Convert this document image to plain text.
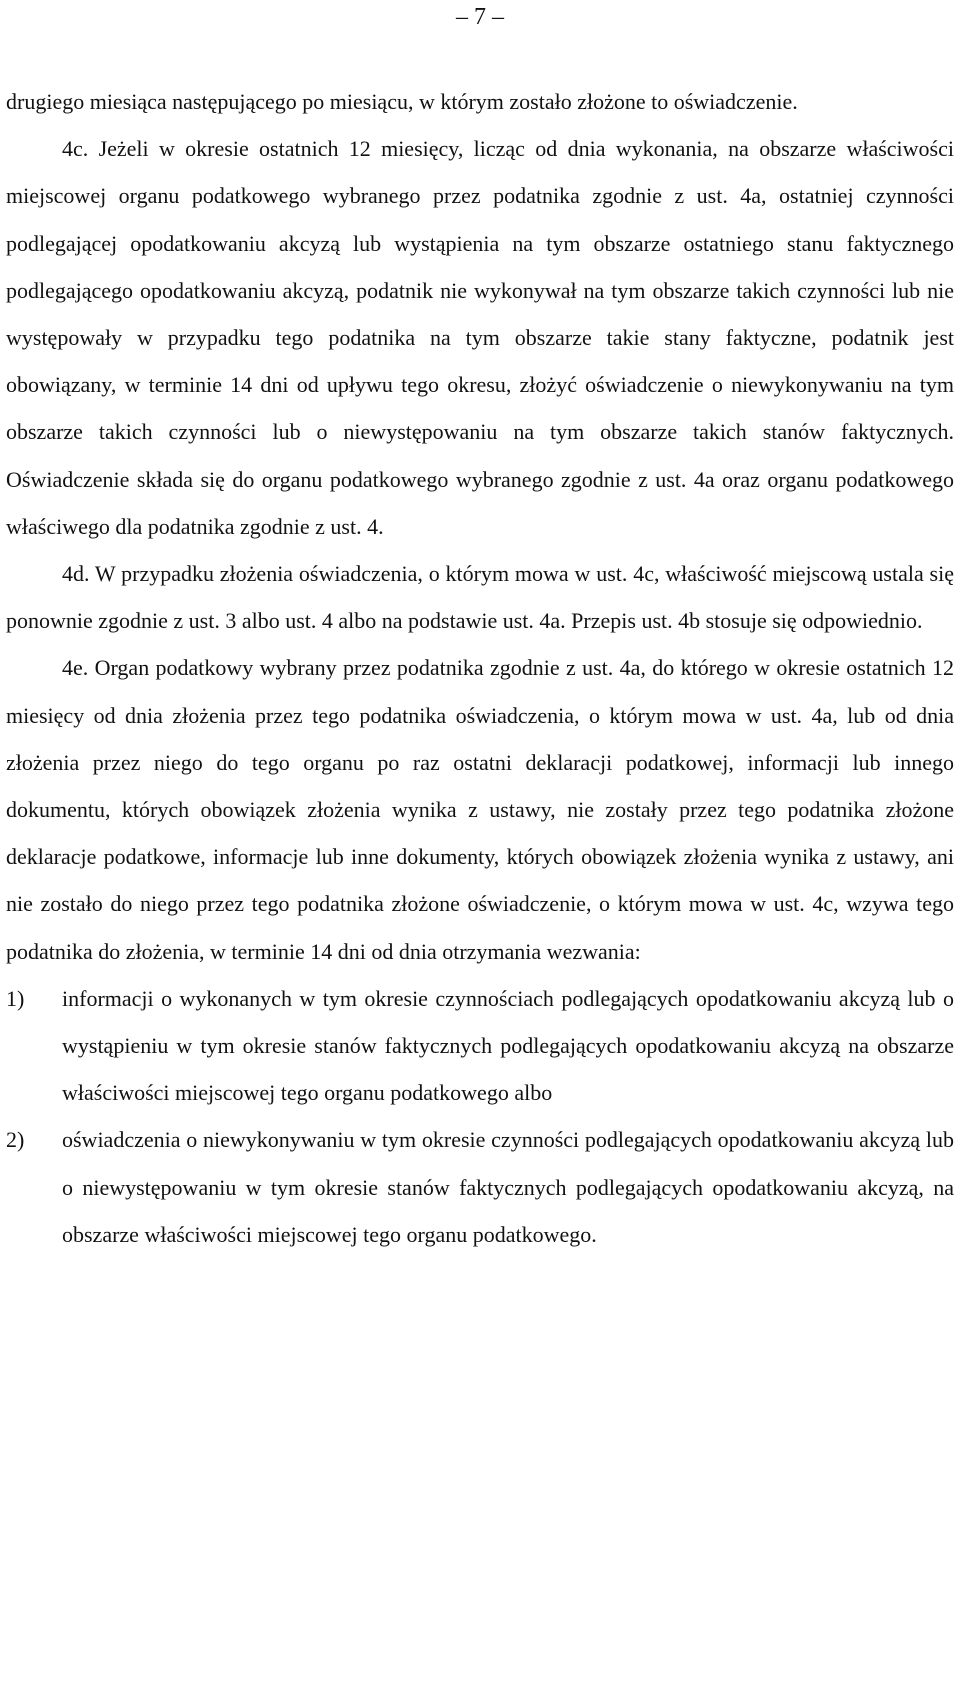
– 7 –

drugiego miesiąca następującego po miesiącu, w którym zostało złożone to oświadczenie.

4c. Jeżeli w okresie ostatnich 12 miesięcy, licząc od dnia wykonania, na obszarze właściwości miejscowej organu podatkowego wybranego przez podatnika zgodnie z ust. 4a, ostatniej czynności podlegającej opodatkowaniu akcyzą lub wystąpienia na tym obszarze ostatniego stanu faktycznego podlegającego opodatkowaniu akcyzą, podatnik nie wykonywał na tym obszarze takich czynności lub nie występowały w przypadku tego podatnika na tym obszarze takie stany faktyczne, podatnik jest obowiązany, w terminie 14 dni od upływu tego okresu, złożyć oświadczenie o niewykonywaniu na tym obszarze takich czynności lub o niewystępowaniu na tym obszarze takich stanów faktycznych. Oświadczenie składa się do organu podatkowego wybranego zgodnie z ust. 4a oraz organu podatkowego właściwego dla podatnika zgodnie z ust. 4.

4d. W przypadku złożenia oświadczenia, o którym mowa w ust. 4c, właściwość miejscową ustala się ponownie zgodnie z ust. 3 albo ust. 4 albo na podstawie ust. 4a. Przepis ust. 4b stosuje się odpowiednio.

4e. Organ podatkowy wybrany przez podatnika zgodnie z ust. 4a, do którego w okresie ostatnich 12 miesięcy od dnia złożenia przez tego podatnika oświadczenia, o którym mowa w ust. 4a, lub od dnia złożenia przez niego do tego organu po raz ostatni deklaracji podatkowej, informacji lub innego dokumentu, których obowiązek złożenia wynika z ustawy, nie zostały przez tego podatnika złożone deklaracje podatkowe, informacje lub inne dokumenty, których obowiązek złożenia wynika z ustawy, ani nie zostało do niego przez tego podatnika złożone oświadczenie, o którym mowa w ust. 4c, wzywa tego podatnika do złożenia, w terminie 14 dni od dnia otrzymania wezwania:

1) informacji o wykonanych w tym okresie czynnościach podlegających opodatkowaniu akcyzą lub o wystąpieniu w tym okresie stanów faktycznych podlegających opodatkowaniu akcyzą na obszarze właściwości miejscowej tego organu podatkowego albo
2) oświadczenia o niewykonywaniu w tym okresie czynności podlegających opodatkowaniu akcyzą lub o niewystępowaniu w tym okresie stanów faktycznych podlegających opodatkowaniu akcyzą, na obszarze właściwości miejscowej tego organu podatkowego.
